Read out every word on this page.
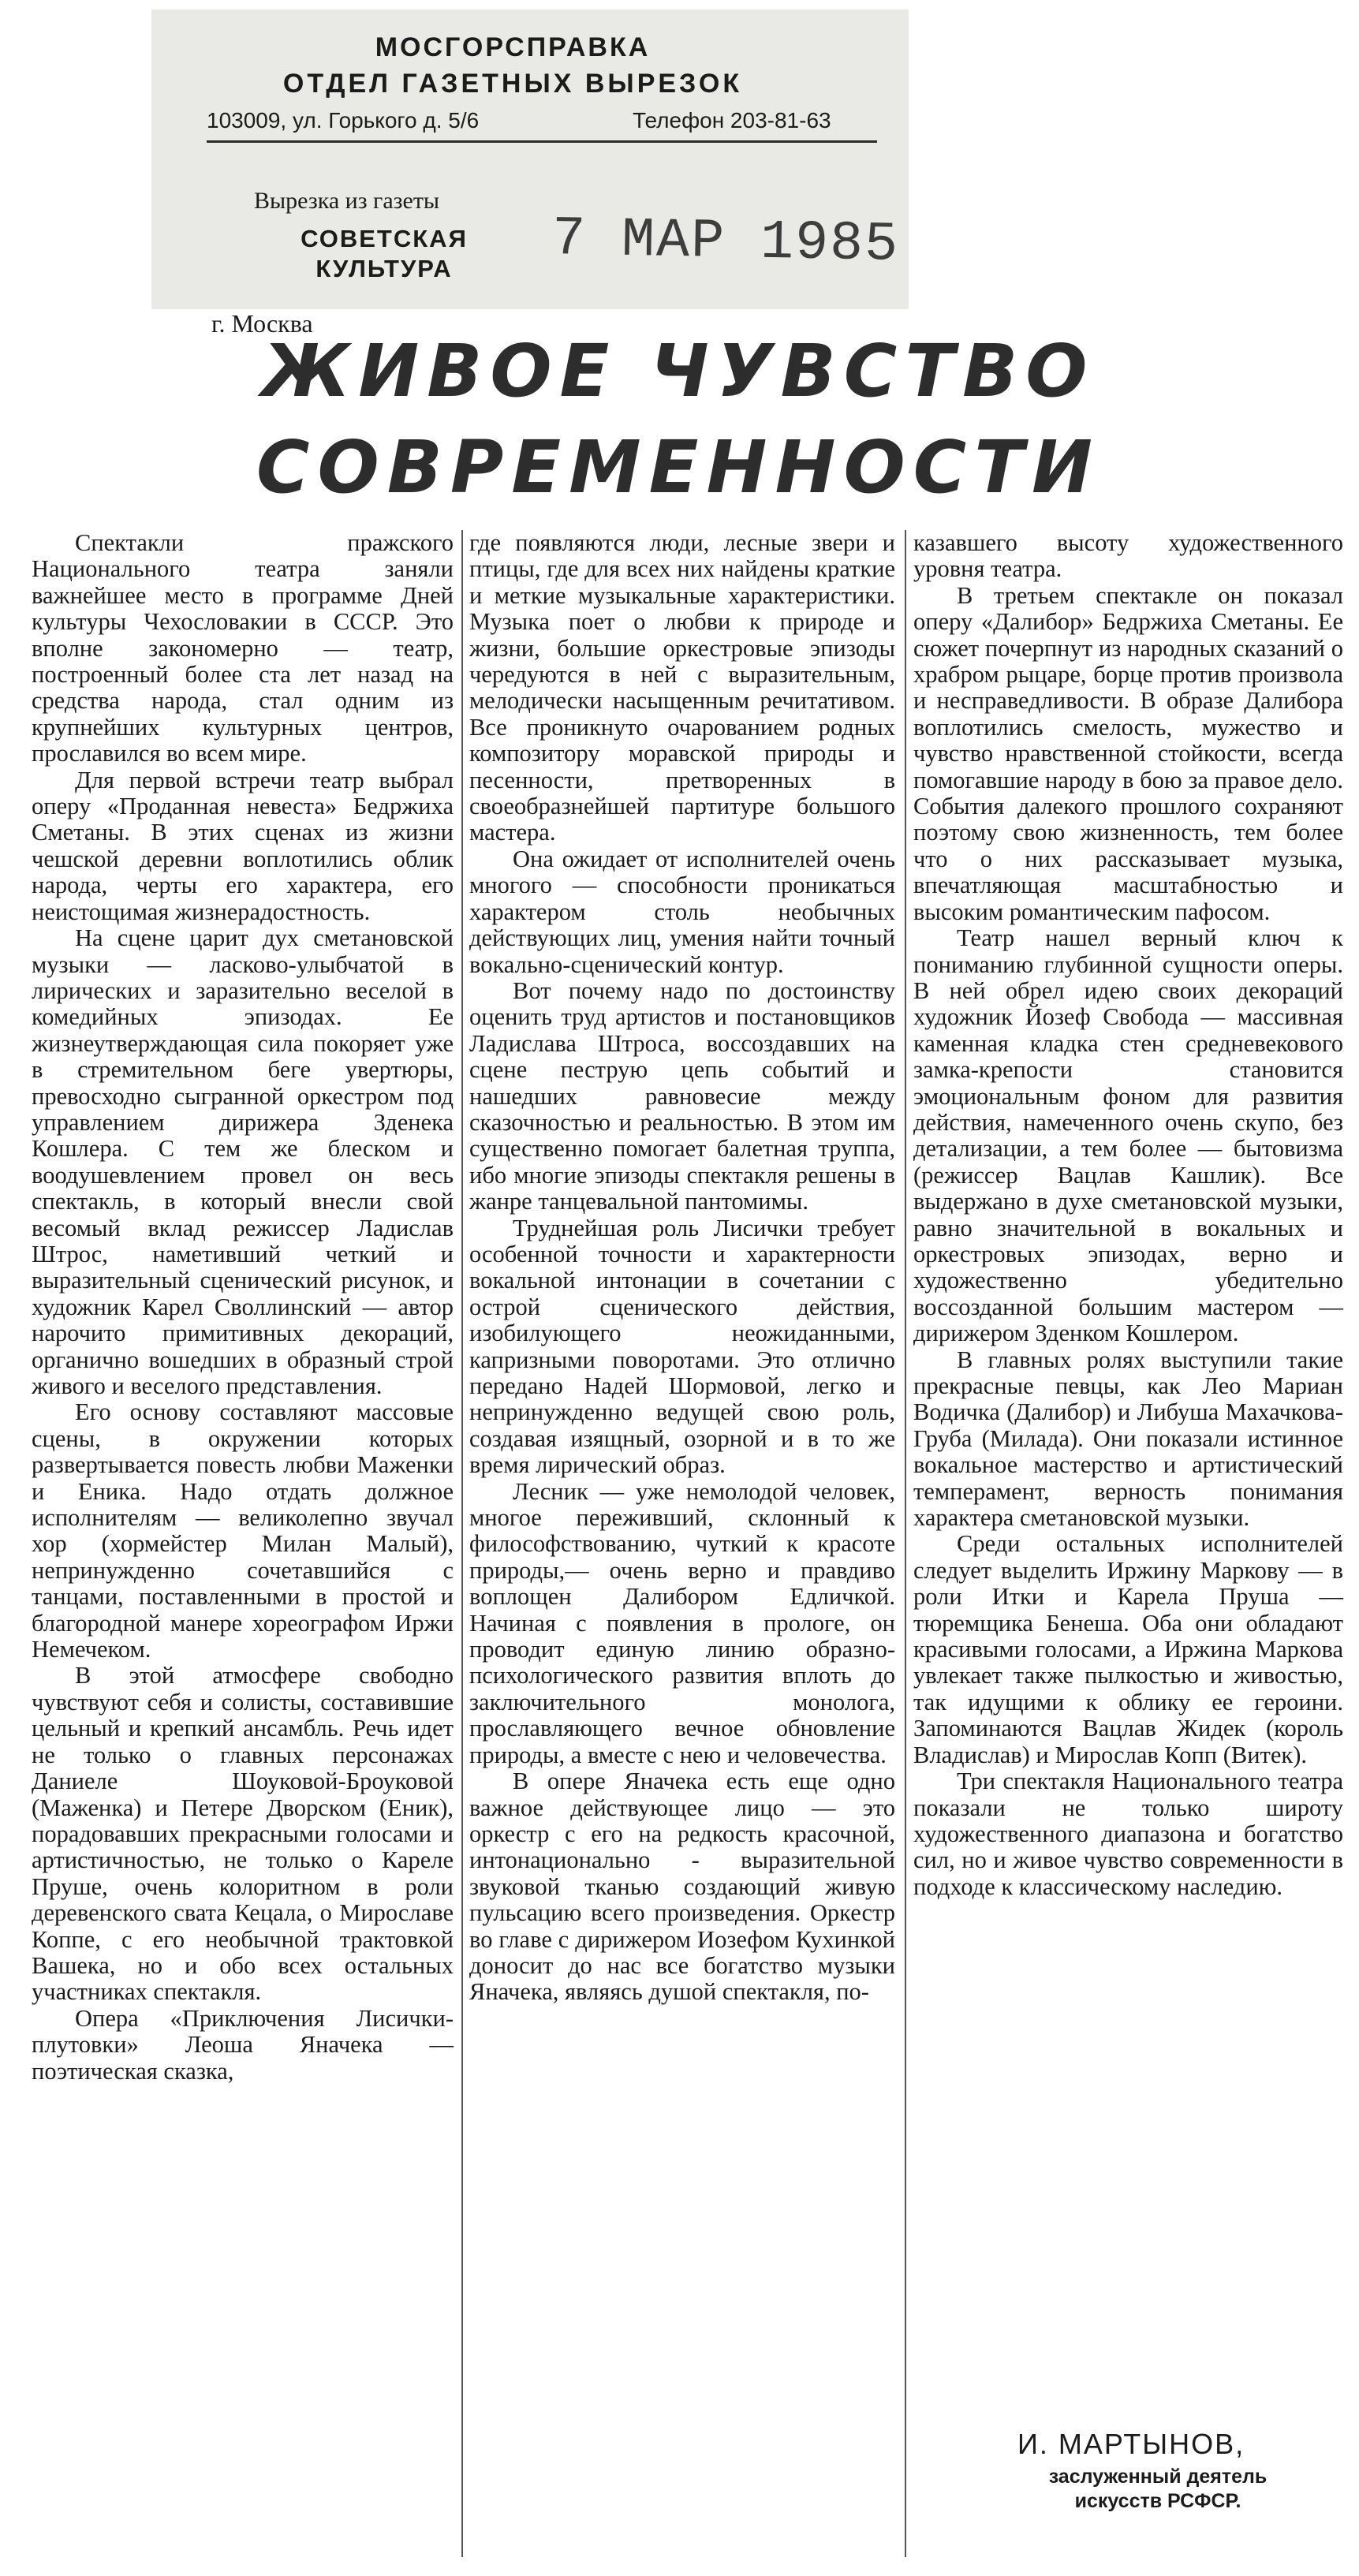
МОСГОРСПРАВКА
ОТДЕЛ ГАЗЕТНЫХ ВЫРЕЗОК
103009, ул. Горького д. 5/6	Телефон 203-81-63
Вырезка из газеты
СОВЕТСКАЯ КУЛЬТУРА	7 МАР 1985
г. Москва
ЖИВОЕ ЧУВСТВО
СОВРЕМЕННОСТИ

Спектакли пражского Национального театра заняли важнейшее место в программе Дней культуры Чехословакии в СССР. Это вполне закономерно — театр, построенный более ста лет назад на средства народа, стал одним из крупнейших культурных центров, прославился во всем мире.

Для первой встречи театр выбрал оперу «Проданная невеста» Бедржиха Сметаны. В этих сценах из жизни чешской деревни воплотились облик народа, черты его характера, его неистощимая жизнерадостность.

На сцене царит дух сметановской музыки — ласково-улыбчатой в лирических и заразительно веселой в комедийных эпизодах. Ее жизнеутверждающая сила покоряет уже в стремительном беге увертюры, превосходно сыгранной оркестром под управлением дирижера Зденека Кошлера. С тем же блеском и воодушевлением провел он весь спектакль, в который внесли свой весомый вклад режиссер Ладислав Штрос, наметивший четкий и выразительный сценический рисунок, и художник Карел Своллинский — автор нарочито примитивных декораций, органично вошедших в образный строй живого и веселого представления.

Его основу составляют массовые сцены, в окружении которых развертывается повесть любви Маженки и Еника. Надо отдать должное исполнителям — великолепно звучал хор (хормейстер Милан Малый), непринужденно сочетавшийся с танцами, поставленными в простой и благородной манере хореографом Иржи Немечеком.

В этой атмосфере свободно чувствуют себя и солисты, составившие цельный и крепкий ансамбль. Речь идет не только о главных персонажах Даниеле Шоуковой-Броуковой (Маженка) и Петере Дворском (Еник), порадовавших прекрасными голосами и артистичностью, не только о Кареле Пруше, очень колоритном в роли деревенского свата Кецала, о Мирославе Коппе, с его необычной трактовкой Вашека, но и обо всех остальных участниках спектакля.

Опера «Приключения Лисички-плутовки» Леоша Яначека — поэтическая сказка,

где появляются люди, лесные звери и птицы, где для всех них найдены краткие и меткие музыкальные характеристики. Музыка поет о любви к природе и жизни, большие оркестровые эпизоды чередуются в ней с выразительным, мелодически насыщенным речитативом. Все проникнуто очарованием родных композитору моравской природы и песенности, претворенных в своеобразнейшей партитуре большого мастера.

Она ожидает от исполнителей очень многого — способности проникаться характером столь необычных действующих лиц, умения найти точный вокально-сценический контур.

Вот почему надо по достоинству оценить труд артистов и постановщиков Ладислава Штроса, воссоздавших на сцене пеструю цепь событий и нашедших равновесие между сказочностью и реальностью. В этом им существенно помогает балетная труппа, ибо многие эпизоды спектакля решены в жанре танцевальной пантомимы.

Труднейшая роль Лисички требует особенной точности и характерности вокальной интонации в сочетании с острой сценического действия, изобилующего неожиданными, капризными поворотами. Это отлично передано Надей Шормовой, легко и непринужденно ведущей свою роль, создавая изящный, озорной и в то же время лирический образ.

Лесник — уже немолодой человек, многое переживший, склонный к философствованию, чуткий к красоте природы,— очень верно и правдиво воплощен Далибором Едличкой. Начиная с появления в прологе, он проводит единую линию образно-психологического развития вплоть до заключительного монолога, прославляющего вечное обновление природы, а вместе с нею и человечества.

В опере Яначека есть еще одно важное действующее лицо — это оркестр с его на редкость красочной, интонационально - выразительной звуковой тканью создающий живую пульсацию всего произведения. Оркестр во главе с дирижером Иозефом Кухинкой доносит до нас все богатство музыки Яначека, являясь душой спектакля, по-

казавшего высоту художественного уровня театра.

В третьем спектакле он показал оперу «Далибор» Бедржиха Сметаны. Ее сюжет почерпнут из народных сказаний о храбром рыцаре, борце против произвола и несправедливости. В образе Далибора воплотились смелость, мужество и чувство нравственной стойкости, всегда помогавшие народу в бою за правое дело. События далекого прошлого сохраняют поэтому свою жизненность, тем более что о них рассказывает музыка, впечатляющая масштабностью и высоким романтическим пафосом.

Театр нашел верный ключ к пониманию глубинной сущности оперы. В ней обрел идею своих декораций художник Йозеф Свобода — массивная каменная кладка стен средневекового замка-крепости становится эмоциональным фоном для развития действия, намеченного очень скупо, без детализации, а тем более — бытовизма (режиссер Вацлав Кашлик). Все выдержано в духе сметановской музыки, равно значительной в вокальных и оркестровых эпизодах, верно и художественно убедительно воссозданной большим мастером — дирижером Зденком Кошлером.

В главных ролях выступили такие прекрасные певцы, как Лео Мариан Водичка (Далибор) и Либуша Махачкова-Груба (Милада). Они показали истинное вокальное мастерство и артистический темперамент, верность понимания характера сметановской музыки.

Среди остальных исполнителей следует выделить Иржину Маркову — в роли Итки и Карела Пруша — тюремщика Бенеша. Оба они обладают красивыми голосами, а Иржина Маркова увлекает также пылкостью и живостью, так идущими к облику ее героини. Запоминаются Вацлав Жидек (король Владислав) и Мирослав Копп (Витек).

Три спектакля Национального театра показали не только широту художественного диапазона и богатство сил, но и живое чувство современности в подходе к классическому наследию.

И. МАРТЫНОВ,
заслуженный деятель искусств РСФСР.
